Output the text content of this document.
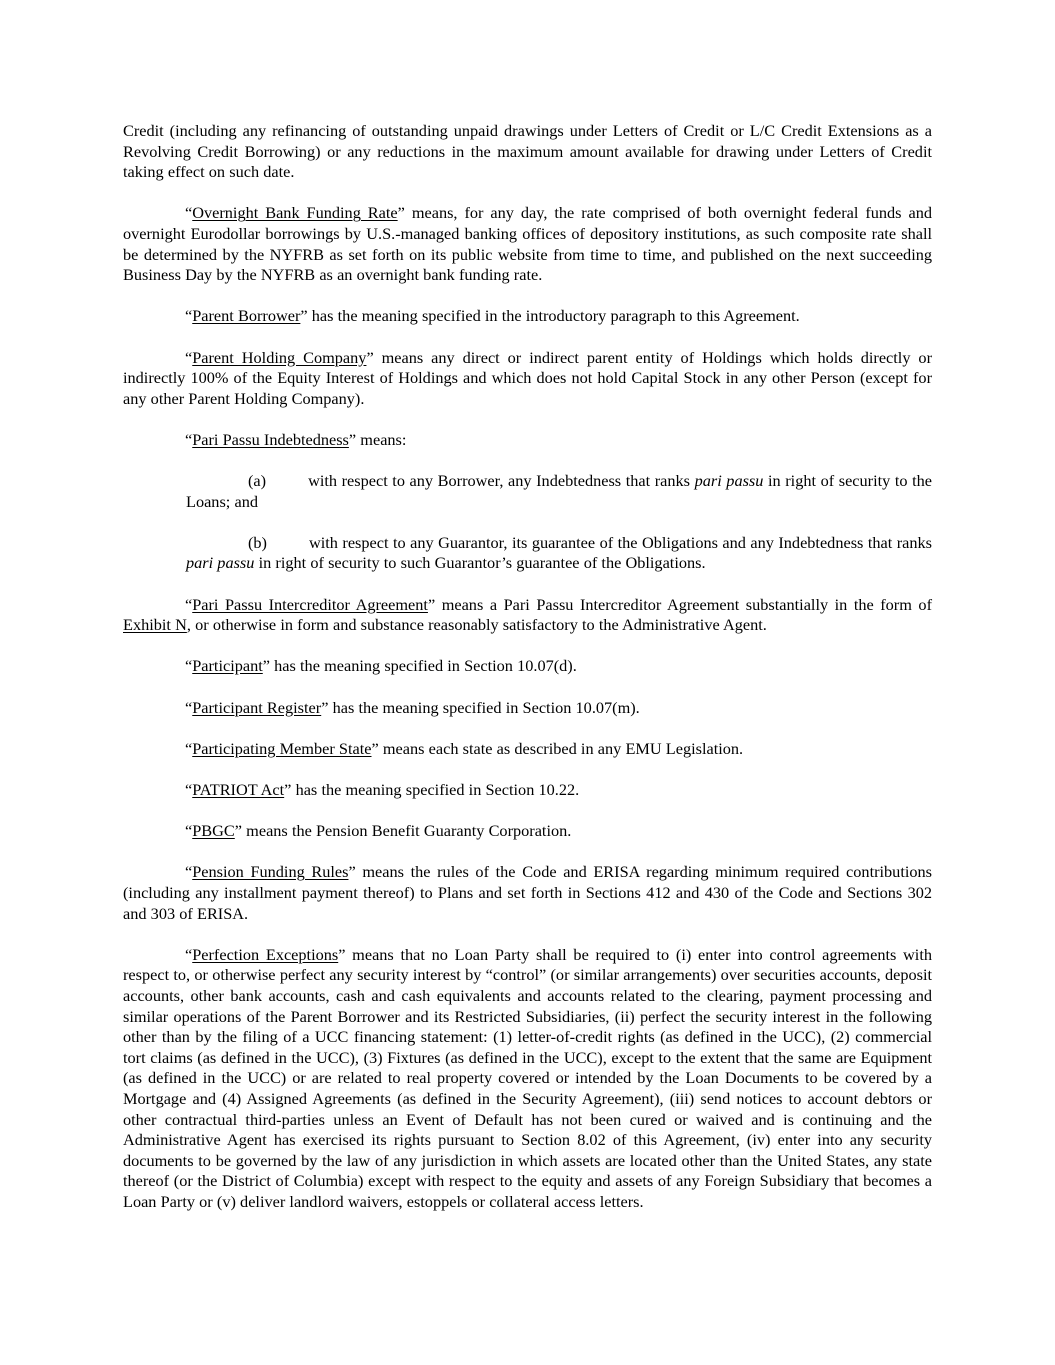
Credit (including any refinancing of outstanding unpaid drawings under Letters of Credit or L/C Credit Extensions as a Revolving Credit Borrowing) or any reductions in the maximum amount available for drawing under Letters of Credit taking effect on such date.

“Overnight Bank Funding Rate” means, for any day, the rate comprised of both overnight federal funds and overnight Eurodollar borrowings by U.S.-managed banking offices of depository institutions, as such composite rate shall be determined by the NYFRB as set forth on its public website from time to time, and published on the next succeeding Business Day by the NYFRB as an overnight bank funding rate.

“Parent Borrower” has the meaning specified in the introductory paragraph to this Agreement.

“Parent Holding Company” means any direct or indirect parent entity of Holdings which holds directly or indirectly 100% of the Equity Interest of Holdings and which does not hold Capital Stock in any other Person (except for any other Parent Holding Company).

“Pari Passu Indebtedness” means:

(a)	with respect to any Borrower, any Indebtedness that ranks pari passu in right of security to the Loans; and

(b)	with respect to any Guarantor, its guarantee of the Obligations and any Indebtedness that ranks pari passu in right of security to such Guarantor’s guarantee of the Obligations.

“Pari Passu Intercreditor Agreement” means a Pari Passu Intercreditor Agreement substantially in the form of Exhibit N, or otherwise in form and substance reasonably satisfactory to the Administrative Agent.

“Participant” has the meaning specified in Section 10.07(d).

“Participant Register” has the meaning specified in Section 10.07(m).

“Participating Member State” means each state as described in any EMU Legislation.

“PATRIOT Act” has the meaning specified in Section 10.22.

“PBGC” means the Pension Benefit Guaranty Corporation.

“Pension Funding Rules” means the rules of the Code and ERISA regarding minimum required contributions (including any installment payment thereof) to Plans and set forth in Sections 412 and 430 of the Code and Sections 302 and 303 of ERISA.

“Perfection Exceptions” means that no Loan Party shall be required to (i) enter into control agreements with respect to, or otherwise perfect any security interest by “control” (or similar arrangements) over securities accounts, deposit accounts, other bank accounts, cash and cash equivalents and accounts related to the clearing, payment processing and similar operations of the Parent Borrower and its Restricted Subsidiaries, (ii) perfect the security interest in the following other than by the filing of a UCC financing statement: (1) letter-of-credit rights (as defined in the UCC), (2) commercial tort claims (as defined in the UCC), (3) Fixtures (as defined in the UCC), except to the extent that the same are Equipment (as defined in the UCC) or are related to real property covered or intended by the Loan Documents to be covered by a Mortgage and (4) Assigned Agreements (as defined in the Security Agreement), (iii) send notices to account debtors or other contractual third-parties unless an Event of Default has not been cured or waived and is continuing and the Administrative Agent has exercised its rights pursuant to Section 8.02 of this Agreement, (iv) enter into any security documents to be governed by the law of any jurisdiction in which assets are located other than the United States, any state thereof (or the District of Columbia) except with respect to the equity and assets of any Foreign Subsidiary that becomes a Loan Party or (v) deliver landlord waivers, estoppels or collateral access letters.
